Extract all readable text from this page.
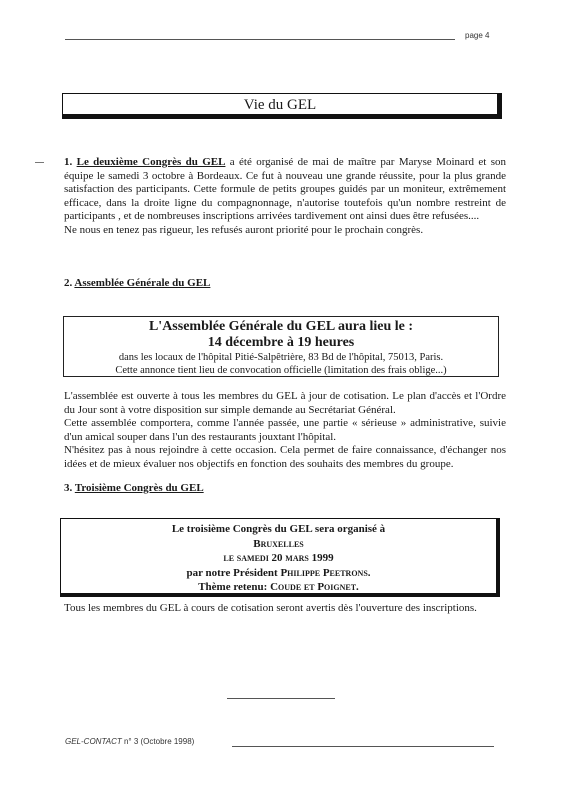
page 4
Vie du GEL

1. Le deuxième Congrès du GEL a été organisé de mai de maître par Maryse Moinard et son équipe le samedi 3 octobre à Bordeaux. Ce fut à nouveau une grande réussite, pour la plus grande satisfaction des participants. Cette formule de petits groupes guidés par un moniteur, extrêmement efficace, dans la droite ligne du compagnonnage, n'autorise toutefois qu'un nombre restreint de participants , et de nombreuses inscriptions arrivées tardivement ont ainsi dues être refusées....

Ne nous en tenez pas rigueur, les refusés auront priorité pour le prochain congrès.

2. Assemblée Générale du GEL
L'Assemblée Générale du GEL aura lieu le :
14 décembre à 19 heures
dans les locaux de l'hôpital Pitié-Salpêtrière, 83 Bd de l'hôpital, 75013, Paris.
Cette annonce tient lieu de convocation officielle (limitation des frais oblige...)

L'assemblée est ouverte à tous les membres du GEL à jour de cotisation. Le plan d'accès et l'Ordre du Jour sont à votre disposition sur simple demande au Secrétariat Général.

Cette assemblée comportera, comme l'année passée, une partie « sérieuse » administrative, suivie d'un amical souper dans l'un des restaurants jouxtant l'hôpital.

N'hésitez pas à nous rejoindre à cette occasion. Cela permet de faire connaissance, d'échanger nos idées et de mieux évaluer nos objectifs en fonction des souhaits des membres du groupe.

3. Troisième Congrès du GEL
Le troisième Congrès du GEL sera organisé à
Bruxelles
le samedi 20 mars 1999
par notre Président Philippe Peetrons.
Thème retenu: Coude et Poignet.

Tous les membres du GEL à cours de cotisation seront avertis dès l'ouverture des inscriptions.

GEL-CONTACT n° 3 (Octobre 1998)
